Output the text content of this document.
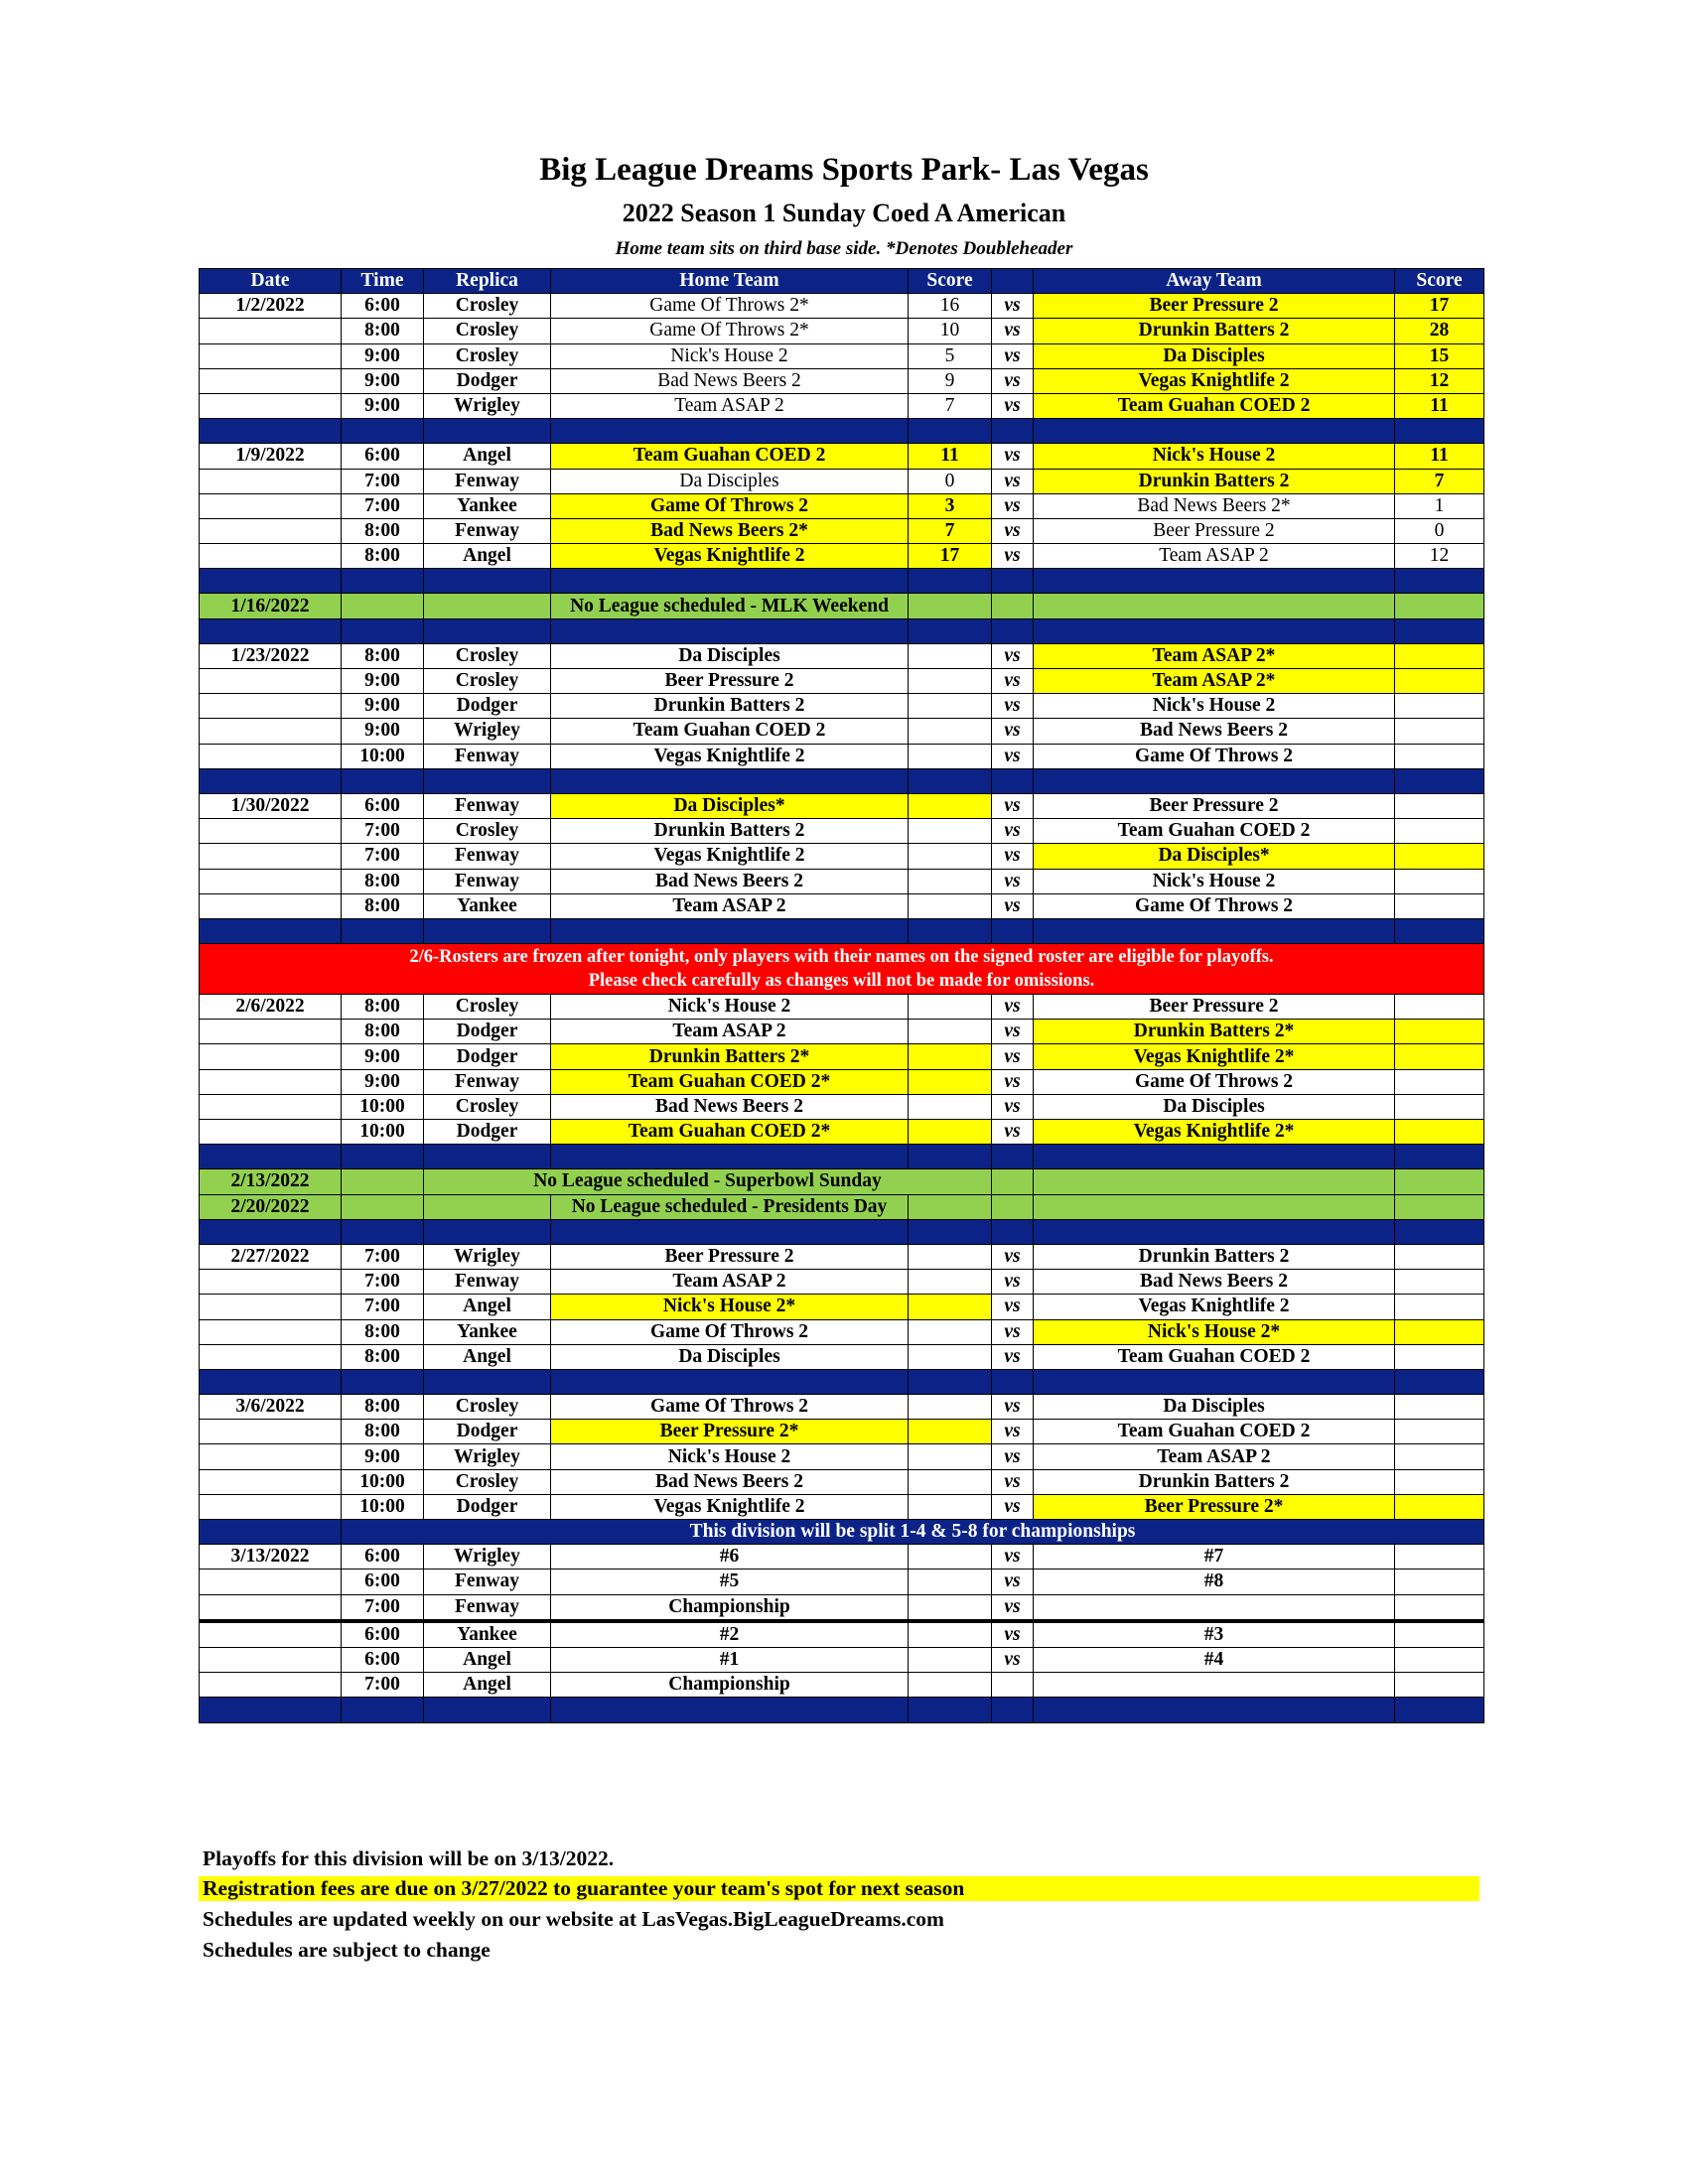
Big League Dreams Sports Park- Las Vegas
2022 Season 1 Sunday Coed A American
Home team sits on third base side. *Denotes Doubleheader
Date	Time	Replica	Home Team	Score		Away Team	Score
1/2/2022	6:00	Crosley	Game Of Throws 2*	16	vs	Beer Pressure 2	17
	8:00	Crosley	Game Of Throws 2*	10	vs	Drunkin Batters 2	28
	9:00	Crosley	Nick's House 2	5	vs	Da Disciples	15
	9:00	Dodger	Bad News Beers 2	9	vs	Vegas Knightlife 2	12
	9:00	Wrigley	Team ASAP 2	7	vs	Team Guahan COED 2	11

1/9/2022	6:00	Angel	Team Guahan COED 2	11	vs	Nick's House 2	11
	7:00	Fenway	Da Disciples	0	vs	Drunkin Batters 2	7
	7:00	Yankee	Game Of Throws 2	3	vs	Bad News Beers 2*	1
	8:00	Fenway	Bad News Beers 2*	7	vs	Beer Pressure 2	0
	8:00	Angel	Vegas Knightlife 2	17	vs	Team ASAP 2	12

1/16/2022			No League scheduled - MLK Weekend				

1/23/2022	8:00	Crosley	Da Disciples		vs	Team ASAP 2*	
	9:00	Crosley	Beer Pressure 2		vs	Team ASAP 2*	
	9:00	Dodger	Drunkin Batters 2		vs	Nick's House 2	
	9:00	Wrigley	Team Guahan COED 2		vs	Bad News Beers 2	
	10:00	Fenway	Vegas Knightlife 2		vs	Game Of Throws 2	

1/30/2022	6:00	Fenway	Da Disciples*		vs	Beer Pressure 2	
	7:00	Crosley	Drunkin Batters 2		vs	Team Guahan COED 2	
	7:00	Fenway	Vegas Knightlife 2		vs	Da Disciples*	
	8:00	Fenway	Bad News Beers 2		vs	Nick's House 2	
	8:00	Yankee	Team ASAP 2		vs	Game Of Throws 2	

2/6-Rosters are frozen after tonight, only players with their names on the signed roster are eligible for playoffs.
Please check carefully as changes will not be made for omissions.							

2/6/2022	8:00	Crosley	Nick's House 2		vs	Beer Pressure 2	
	8:00	Dodger	Team ASAP 2		vs	Drunkin Batters 2*	
	9:00	Dodger	Drunkin Batters 2*		vs	Vegas Knightlife 2*	
	9:00	Fenway	Team Guahan COED 2*		vs	Game Of Throws 2	
	10:00	Crosley	Bad News Beers 2		vs	Da Disciples	
	10:00	Dodger	Team Guahan COED 2*		vs	Vegas Knightlife 2*	

2/13/2022		No League scheduled - Superbowl Sunday					
2/20/2022			No League scheduled - Presidents Day				

2/27/2022	7:00	Wrigley	Beer Pressure 2		vs	Drunkin Batters 2	
	7:00	Fenway	Team ASAP 2		vs	Bad News Beers 2	
	7:00	Angel	Nick's House 2*		vs	Vegas Knightlife 2	
	8:00	Yankee	Game Of Throws 2		vs	Nick's House 2*	
	8:00	Angel	Da Disciples		vs	Team Guahan COED 2	

3/6/2022	8:00	Crosley	Game Of Throws 2		vs	Da Disciples	
	8:00	Dodger	Beer Pressure 2*		vs	Team Guahan COED 2	
	9:00	Wrigley	Nick's House 2		vs	Team ASAP 2	
	10:00	Crosley	Bad News Beers 2		vs	Drunkin Batters 2	
	10:00	Dodger	Vegas Knightlife 2		vs	Beer Pressure 2*	
	This division will be split 1-4 & 5-8 for championships						
3/13/2022	6:00	Wrigley	#6		vs	#7	
	6:00	Fenway	#5		vs	#8	
	7:00	Fenway	Championship		vs		
	6:00	Yankee	#2		vs	#3	
	6:00	Angel	#1		vs	#4	
	7:00	Angel	Championship				

Playoffs for this division will be on 3/13/2022.
Registration fees are due on 3/27/2022 to guarantee your team's spot for next season
Schedules are updated weekly on our website at LasVegas.BigLeagueDreams.com
Schedules are subject to change
